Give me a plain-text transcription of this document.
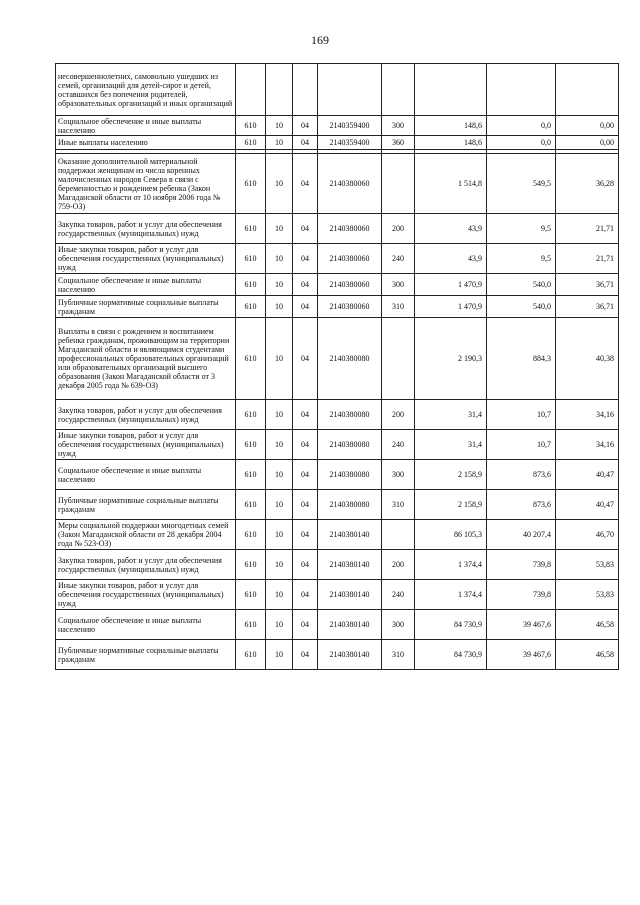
169
несовершеннолетних, самовольно ушедших из семей, организаций для детей-сирот и детей, оставшихся без попечения родителей, образовательных организаций и иных организаций								
Социальное обеспечение и иные выплаты населению	610	10	04	2140359400	300	148,6	0,0	0,00
Иные выплаты населению	610	10	04	2140359400	360	148,6	0,0	0,00

Оказание дополнительной материальной поддержки женщинам из числа коренных малочисленных народов Севера в связи с беременностью и рождением ребенка (Закон Магаданской области от 10 ноября 2006 года № 759-ОЗ)	610	10	04	2140380060		1 514,8	549,5	36,28
Закупка товаров, работ и услуг для обеспечения государственных (муниципальных) нужд	610	10	04	2140380060	200	43,9	9,5	21,71
Иные закупки товаров, работ и услуг для обеспечения государственных (муниципальных) нужд	610	10	04	2140380060	240	43,9	9,5	21,71
Социальное обеспечение и иные выплаты населению	610	10	04	2140380060	300	1 470,9	540,0	36,71
Публичные нормативные социальные выплаты гражданам	610	10	04	2140380060	310	1 470,9	540,0	36,71
Выплаты в связи с рождением и воспитанием ребенка гражданам, проживающим на территории Магаданской области и являющимся студентами профессиональных образовательных организаций или образовательных организаций высшего образования (Закон Магаданской области от 3 декабря 2005 года № 639-ОЗ)	610	10	04	2140380080		2 190,3	884,3	40,38
Закупка товаров, работ и услуг для обеспечения государственных (муниципальных) нужд	610	10	04	2140380080	200	31,4	10,7	34,16
Иные закупки товаров, работ и услуг для обеспечения государственных (муниципальных) нужд	610	10	04	2140380080	240	31,4	10,7	34,16
Социальное обеспечение и иные выплаты населению	610	10	04	2140380080	300	2 158,9	873,6	40,47
Публичные нормативные социальные выплаты гражданам	610	10	04	2140380080	310	2 158,9	873,6	40,47
Меры социальной поддержки многодетных семей (Закон Магаданской области от 28 декабря 2004 года № 523-ОЗ)	610	10	04	2140380140		86 105,3	40 207,4	46,70
Закупка товаров, работ и услуг для обеспечения государственных (муниципальных) нужд	610	10	04	2140380140	200	1 374,4	739,8	53,83
Иные закупки товаров, работ и услуг для обеспечения государственных (муниципальных) нужд	610	10	04	2140380140	240	1 374,4	739,8	53,83
Социальное обеспечение и иные выплаты населению	610	10	04	2140380140	300	84 730,9	39 467,6	46,58
Публичные нормативные социальные выплаты гражданам	610	10	04	2140380140	310	84 730,9	39 467,6	46,58
